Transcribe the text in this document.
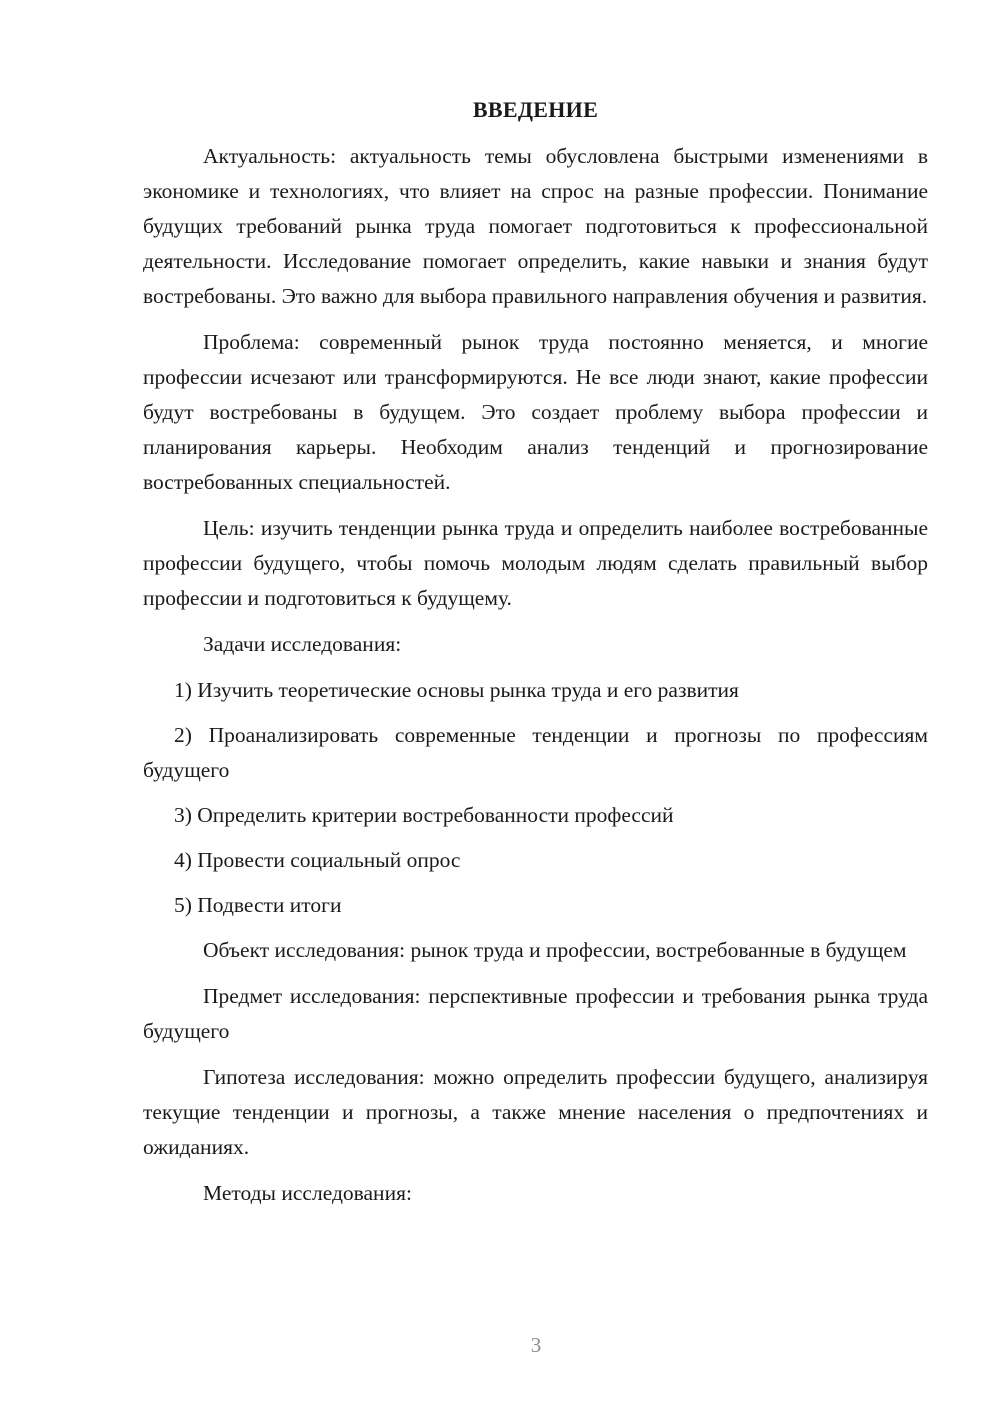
ВВЕДЕНИЕ

Актуальность: актуальность темы обусловлена быстрыми изменениями в экономике и технологиях, что влияет на спрос на разные профессии. Понимание будущих требований рынка труда помогает подготовиться к профессиональной деятельности. Исследование помогает определить, какие навыки и знания будут востребованы. Это важно для выбора правильного направления обучения и развития.

Проблема: современный рынок труда постоянно меняется, и многие профессии исчезают или трансформируются. Не все люди знают, какие профессии будут востребованы в будущем. Это создает проблему выбора профессии и планирования карьеры. Необходим анализ тенденций и прогнозирование востребованных специальностей.

Цель: изучить тенденции рынка труда и определить наиболее востребованные профессии будущего, чтобы помочь молодым людям сделать правильный выбор профессии и подготовиться к будущему.

Задачи исследования:

1) Изучить теоретические основы рынка труда и его развития

2) Проанализировать современные тенденции и прогнозы по профессиям будущего

3) Определить критерии востребованности профессий

4) Провести социальный опрос

5) Подвести итоги

Объект исследования: рынок труда и профессии, востребованные в будущем

Предмет исследования: перспективные профессии и требования рынка труда будущего

Гипотеза исследования: можно определить профессии будущего, анализируя текущие тенденции и прогнозы, а также мнение населения о предпочтениях и ожиданиях.

Методы исследования:

3
